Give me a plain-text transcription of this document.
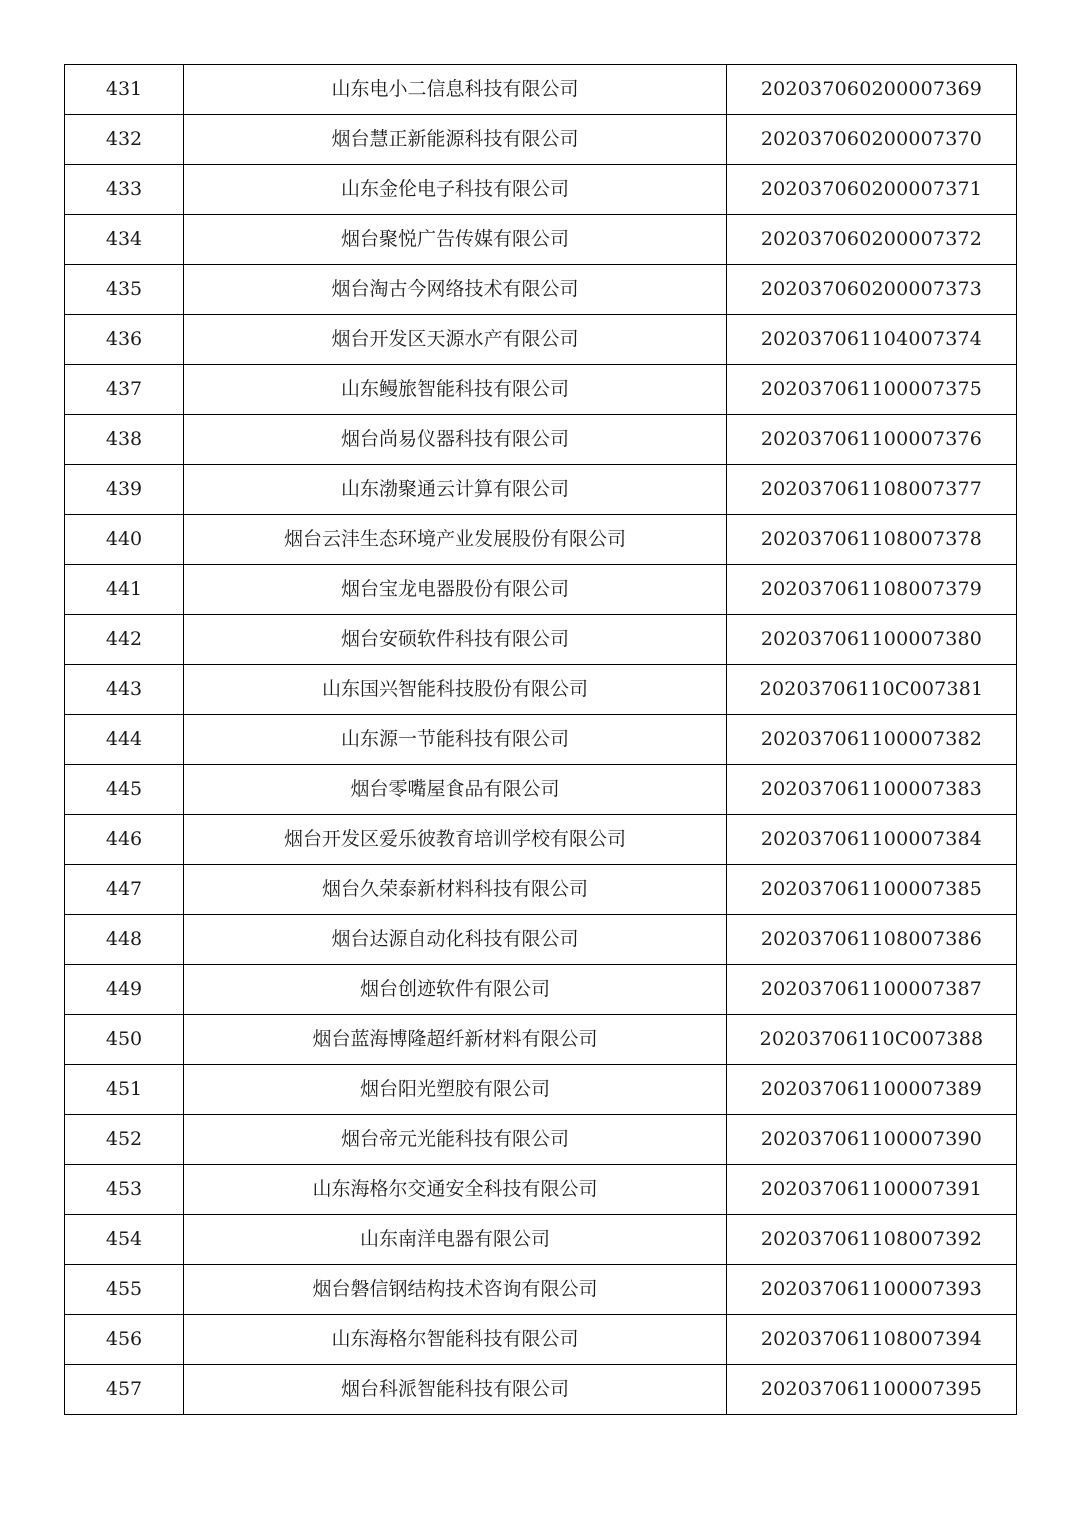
431	山东电小二信息科技有限公司	202037060200007369
432	烟台慧正新能源科技有限公司	202037060200007370
433	山东金伦电子科技有限公司	202037060200007371
434	烟台聚悦广告传媒有限公司	202037060200007372
435	烟台淘古今网络技术有限公司	202037060200007373
436	烟台开发区天源水产有限公司	202037061104007374
437	山东鳗旅智能科技有限公司	202037061100007375
438	烟台尚易仪器科技有限公司	202037061100007376
439	山东渤聚通云计算有限公司	202037061108007377
440	烟台云沣生态环境产业发展股份有限公司	202037061108007378
441	烟台宝龙电器股份有限公司	202037061108007379
442	烟台安硕软件科技有限公司	202037061100007380
443	山东国兴智能科技股份有限公司	20203706110C007381
444	山东源一节能科技有限公司	202037061100007382
445	烟台零嘴屋食品有限公司	202037061100007383
446	烟台开发区爱乐彼教育培训学校有限公司	202037061100007384
447	烟台久荣泰新材料科技有限公司	202037061100007385
448	烟台达源自动化科技有限公司	202037061108007386
449	烟台创迹软件有限公司	202037061100007387
450	烟台蓝海博隆超纤新材料有限公司	20203706110C007388
451	烟台阳光塑胶有限公司	202037061100007389
452	烟台帝元光能科技有限公司	202037061100007390
453	山东海格尔交通安全科技有限公司	202037061100007391
454	山东南洋电器有限公司	202037061108007392
455	烟台磐信钢结构技术咨询有限公司	202037061100007393
456	山东海格尔智能科技有限公司	202037061108007394
457	烟台科派智能科技有限公司	202037061100007395
